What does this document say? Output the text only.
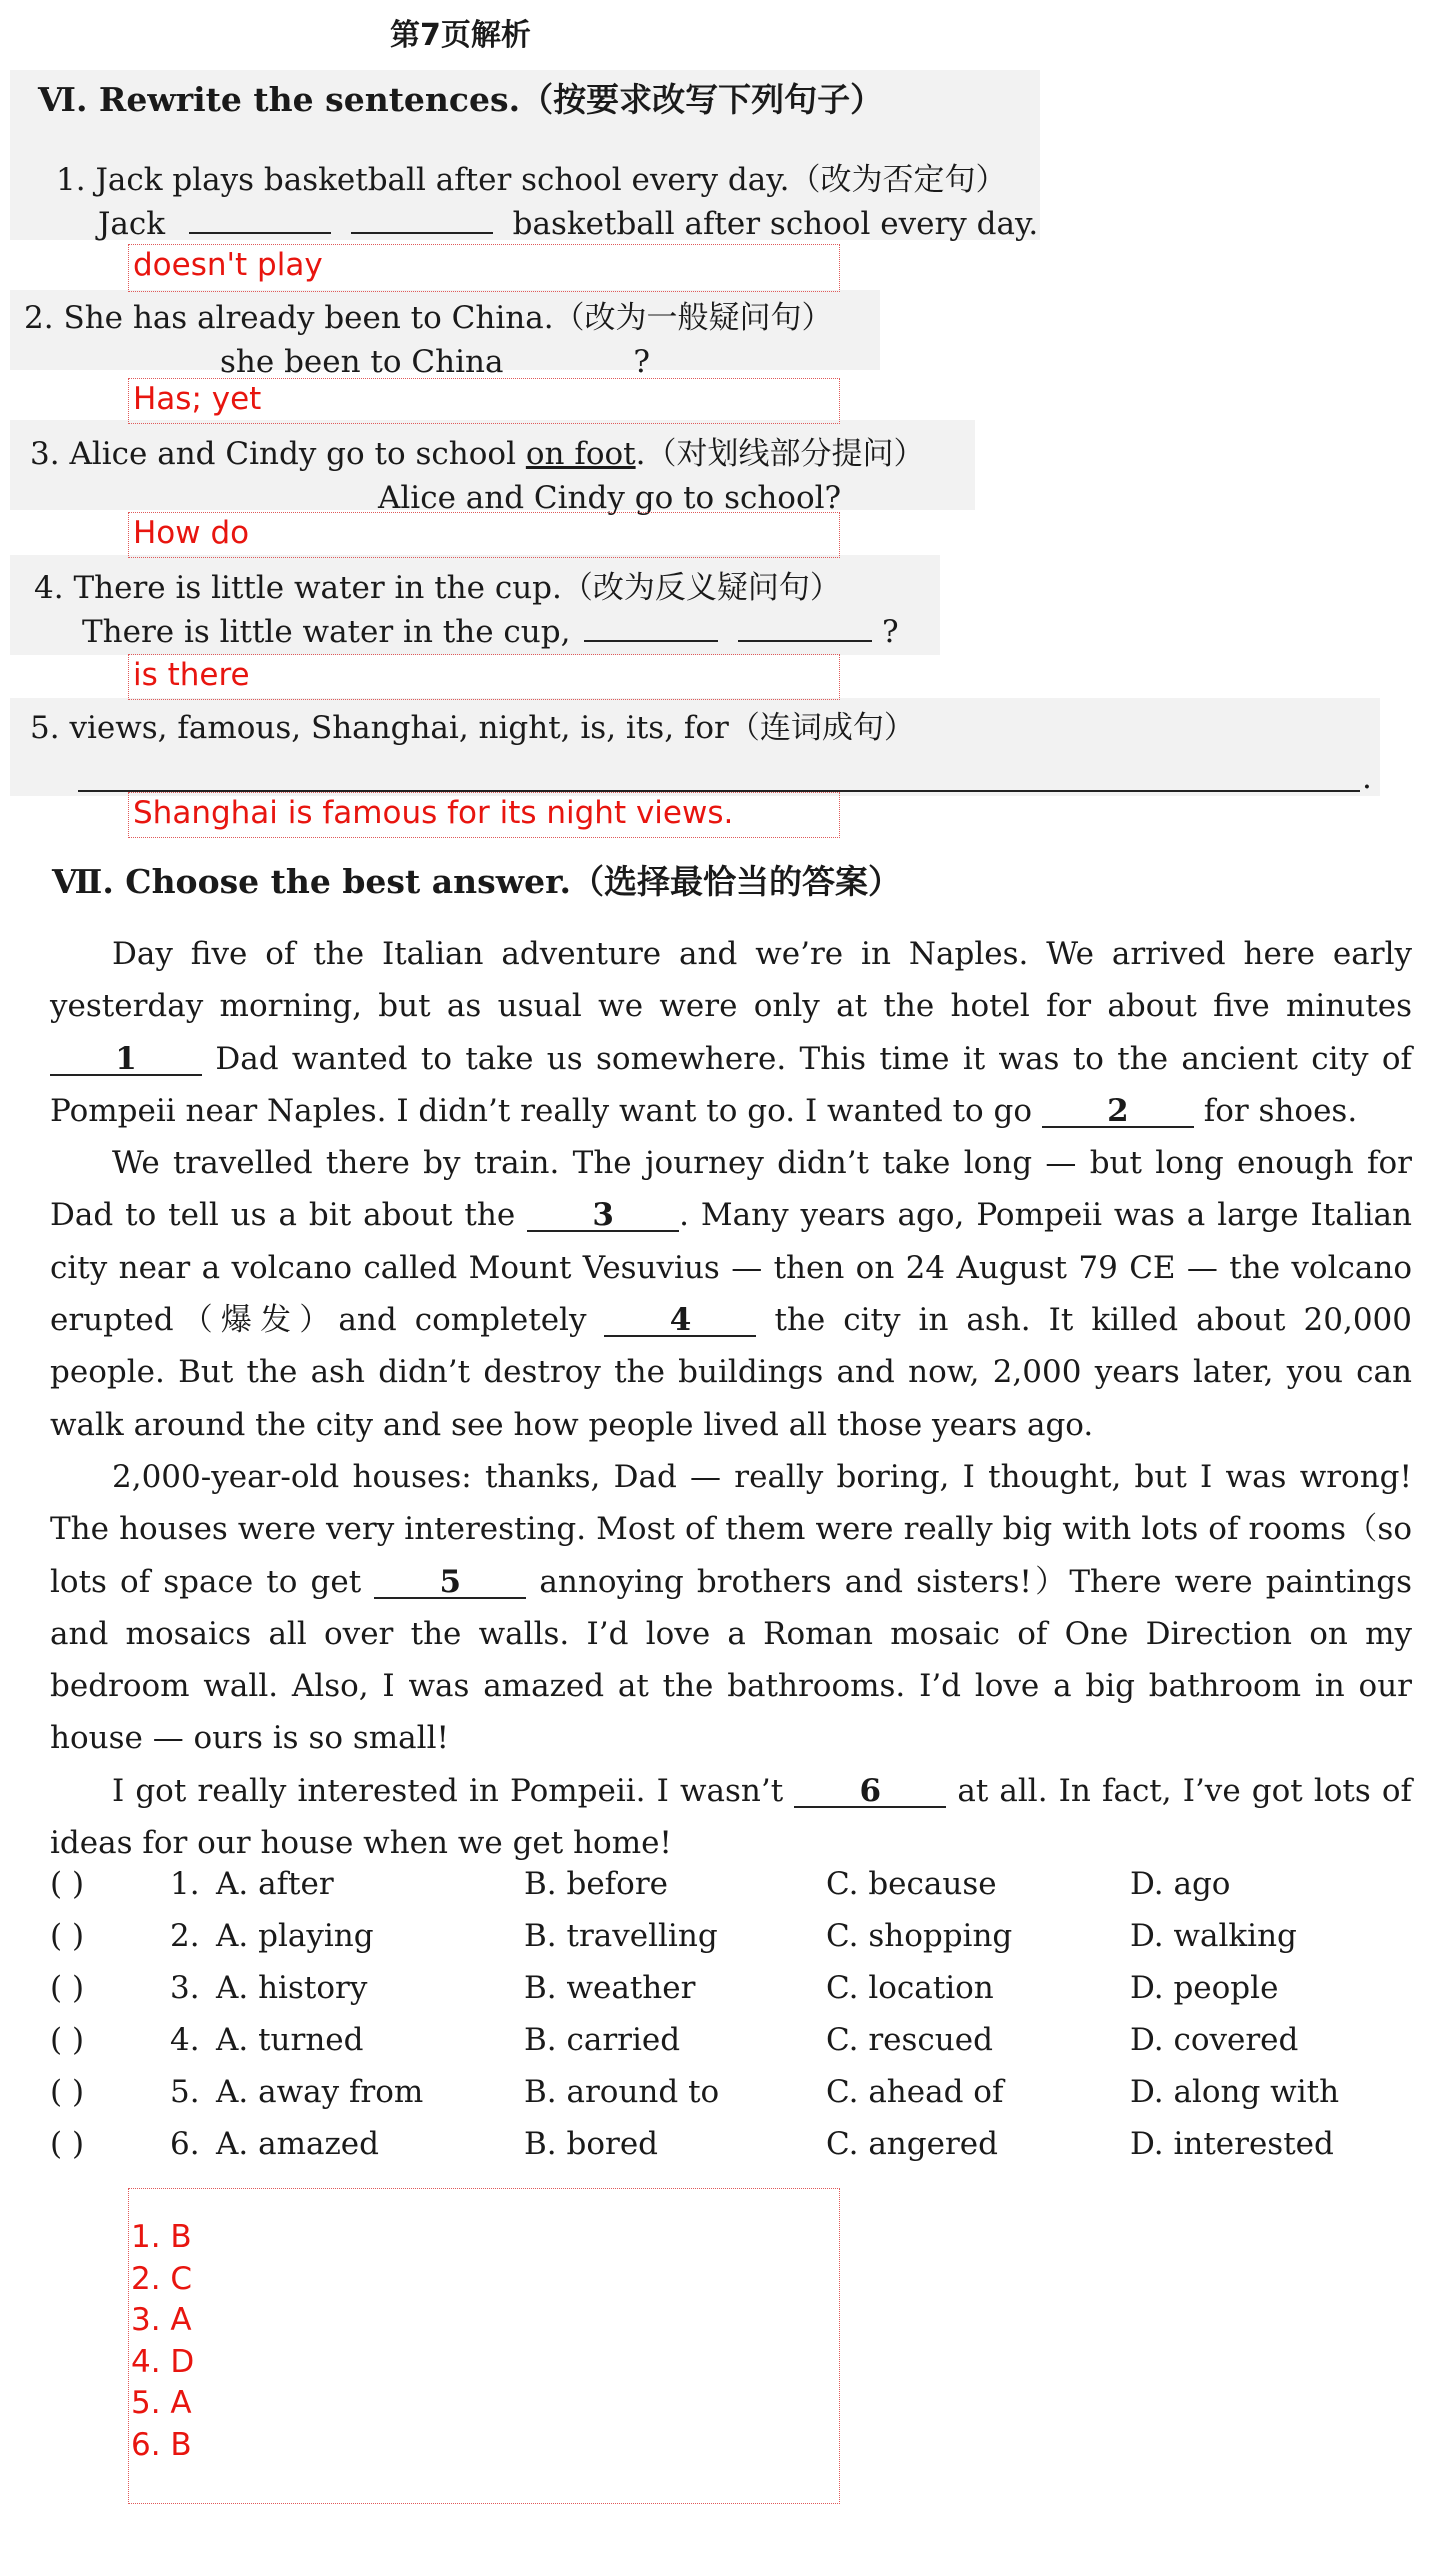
第7页解析
Ⅵ. Rewrite the sentences.（按要求改写下列句子）
1. Jack plays basketball after school every day.（改为否定句）
Jack	basketball after school every day.
doesn't play
2. She has already been to China.（改为一般疑问句）
she been to China	?
Has; yet
3. Alice and Cindy go to school on foot.（对划线部分提问）
Alice and Cindy go to school?
How do
4. There is little water in the cup.（改为反义疑问句）
There is little water in the cup,	?
is there
5. views, famous, Shanghai, night, is, its, for（连词成句）
.
Shanghai is famous for its night views.
Ⅶ. Choose the best answer.（选择最恰当的答案）

Day five of the Italian adventure and we’re in Naples. We arrived here early yesterday morning, but as usual we were only at the hotel for about five minutes 1	Dad wanted to take us somewhere. This time it was to the ancient city of Pompeii near Naples. I didn’t really want to go. I wanted to go 2 for shoes.

We travelled there by train. The journey didn’t take long — but long enough for Dad to tell us a bit about the 3 . Many years ago, Pompeii was a large Italian city near a volcano called Mount Vesuvius — then on 24 August 79 CE — the volcano erupted（爆发）and completely	4	the city in ash. It killed about 20,000 people. But the ash didn’t destroy the buildings and now, 2,000 years later, you can walk around the city and see how people lived all those years ago.

2,000-year-old houses: thanks, Dad — really boring, I thought, but I was wrong! The houses were very interesting. Most of them were really big with lots of rooms（so lots of space to get	5	annoying brothers and sisters!）There were paintings and mosaics all over the walls. I’d love a Roman mosaic of One Direction on my bedroom wall. Also, I was amazed at the bathrooms. I’d love a big bathroom in our house — ours is so small!

I got really interested in Pompeii. I wasn’t 6 at all. In fact, I’ve got lots of ideas for our house when we get home!

( )	1. A. after	B. before	C. because	D. ago
( )	2. A. playing	B. travelling	C. shopping	D. walking
( )	3. A. history	B. weather	C. location	D. people
( )	4. A. turned	B. carried	C. rescued	D. covered
( )	5. A. away from	B. around to	C. ahead of	D. along with
( )	6. A. amazed	B. bored	C. angered	D. interested
1. B
2. C
3. A
4. D
5. A
6. B
